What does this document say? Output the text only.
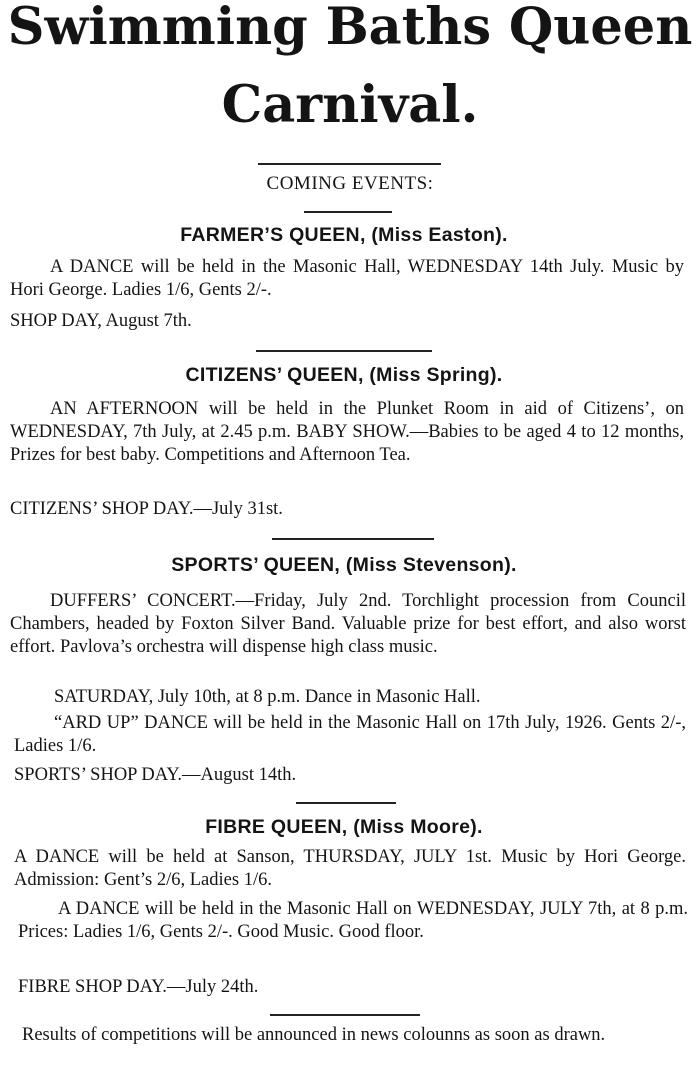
Swimming Baths Queen
Carnival.
COMING EVENTS:
FARMER’S QUEEN, (Miss Easton).
A DANCE will be held in the Masonic Hall, WEDNESDAY 14th July. Music by Hori George. Ladies 1/6, Gents 2/-.
SHOP DAY, August 7th.
CITIZENS’ QUEEN, (Miss Spring).
AN AFTERNOON will be held in the Plunket Room in aid of Citizens’, on WEDNESDAY, 7th July, at 2.45 p.m. BABY SHOW.—Babies to be aged 4 to 12 months, Prizes for best baby. Competitions and Afternoon Tea.
CITIZENS’ SHOP DAY.—July 31st.
SPORTS’ QUEEN, (Miss Stevenson).
DUFFERS’ CONCERT.—Friday, July 2nd. Torchlight procession from Council Chambers, headed by Foxton Silver Band. Valuable prize for best effort, and also worst effort. Pavlova’s orchestra will dispense high class music.
SATURDAY, July 10th, at 8 p.m. Dance in Masonic Hall.
“ARD UP” DANCE will be held in the Masonic Hall on 17th July, 1926. Gents 2/-, Ladies 1/6.
SPORTS’ SHOP DAY.—August 14th.
FIBRE QUEEN, (Miss Moore).
A DANCE will be held at Sanson, THURSDAY, JULY 1st. Music by Hori George. Admission: Gent’s 2/6, Ladies 1/6.
A DANCE will be held in the Masonic Hall on WEDNESDAY, JULY 7th, at 8 p.m. Prices: Ladies 1/6, Gents 2/-. Good Music. Good floor.
FIBRE SHOP DAY.—July 24th.
Results of competitions will be announced in news colounns as soon as drawn.
